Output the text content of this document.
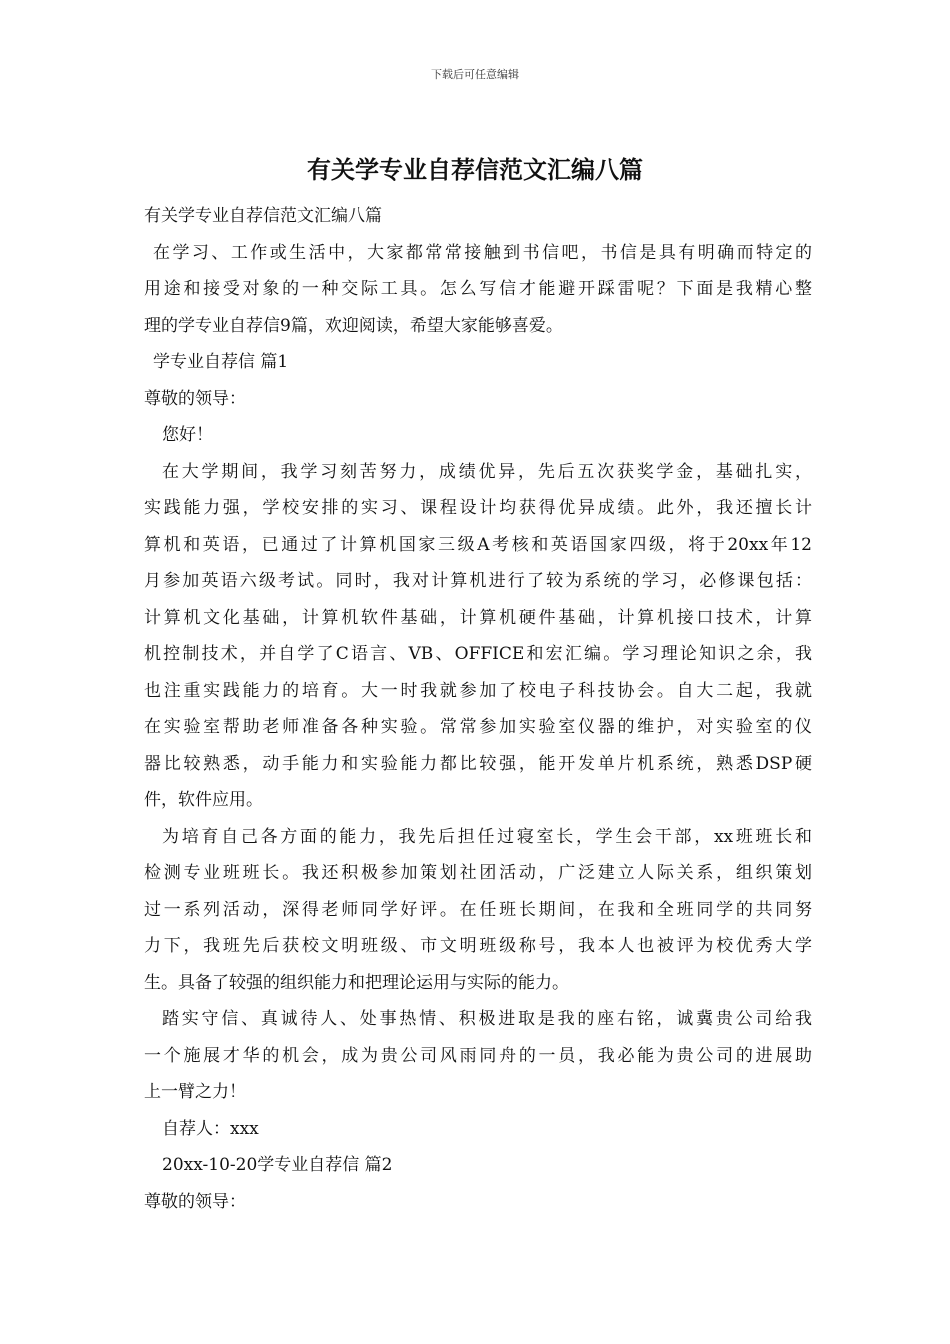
下载后可任意编辑
有关学专业自荐信范文汇编八篇
有关学专业自荐信范文汇编八篇
在学习、工作或生活中，大家都常常接触到书信吧，书信是具有明确而特定的
用途和接受对象的一种交际工具。怎么写信才能避开踩雷呢？下面是我精心整
理的学专业自荐信9篇，欢迎阅读，希望大家能够喜爱。
学专业自荐信 篇1
尊敬的领导：
您好！
在大学期间，我学习刻苦努力，成绩优异，先后五次获奖学金，基础扎实，
实践能力强，学校安排的实习、课程设计均获得优异成绩。此外，我还擅长计
算机和英语，已通过了计算机国家三级A考核和英语国家四级，将于20xx年12
月参加英语六级考试。同时，我对计算机进行了较为系统的学习，必修课包括：
计算机文化基础，计算机软件基础，计算机硬件基础，计算机接口技术，计算
机控制技术，并自学了C语言、VB、OFFICE和宏汇编。学习理论知识之余，我
也注重实践能力的培育。大一时我就参加了校电子科技协会。自大二起，我就
在实验室帮助老师准备各种实验。常常参加实验室仪器的维护，对实验室的仪
器比较熟悉，动手能力和实验能力都比较强，能开发单片机系统，熟悉DSP硬
件，软件应用。
为培育自己各方面的能力，我先后担任过寝室长，学生会干部，xx班班长和
检测专业班班长。我还积极参加策划社团活动，广泛建立人际关系，组织策划
过一系列活动，深得老师同学好评。在任班长期间，在我和全班同学的共同努
力下，我班先后获校文明班级、市文明班级称号，我本人也被评为校优秀大学
生。具备了较强的组织能力和把理论运用与实际的能力。
踏实守信、真诚待人、处事热情、积极进取是我的座右铭，诚冀贵公司给我
一个施展才华的机会，成为贵公司风雨同舟的一员，我必能为贵公司的进展助
上一臂之力！
自荐人：xxx
20xx-10-20学专业自荐信 篇2
尊敬的领导：
